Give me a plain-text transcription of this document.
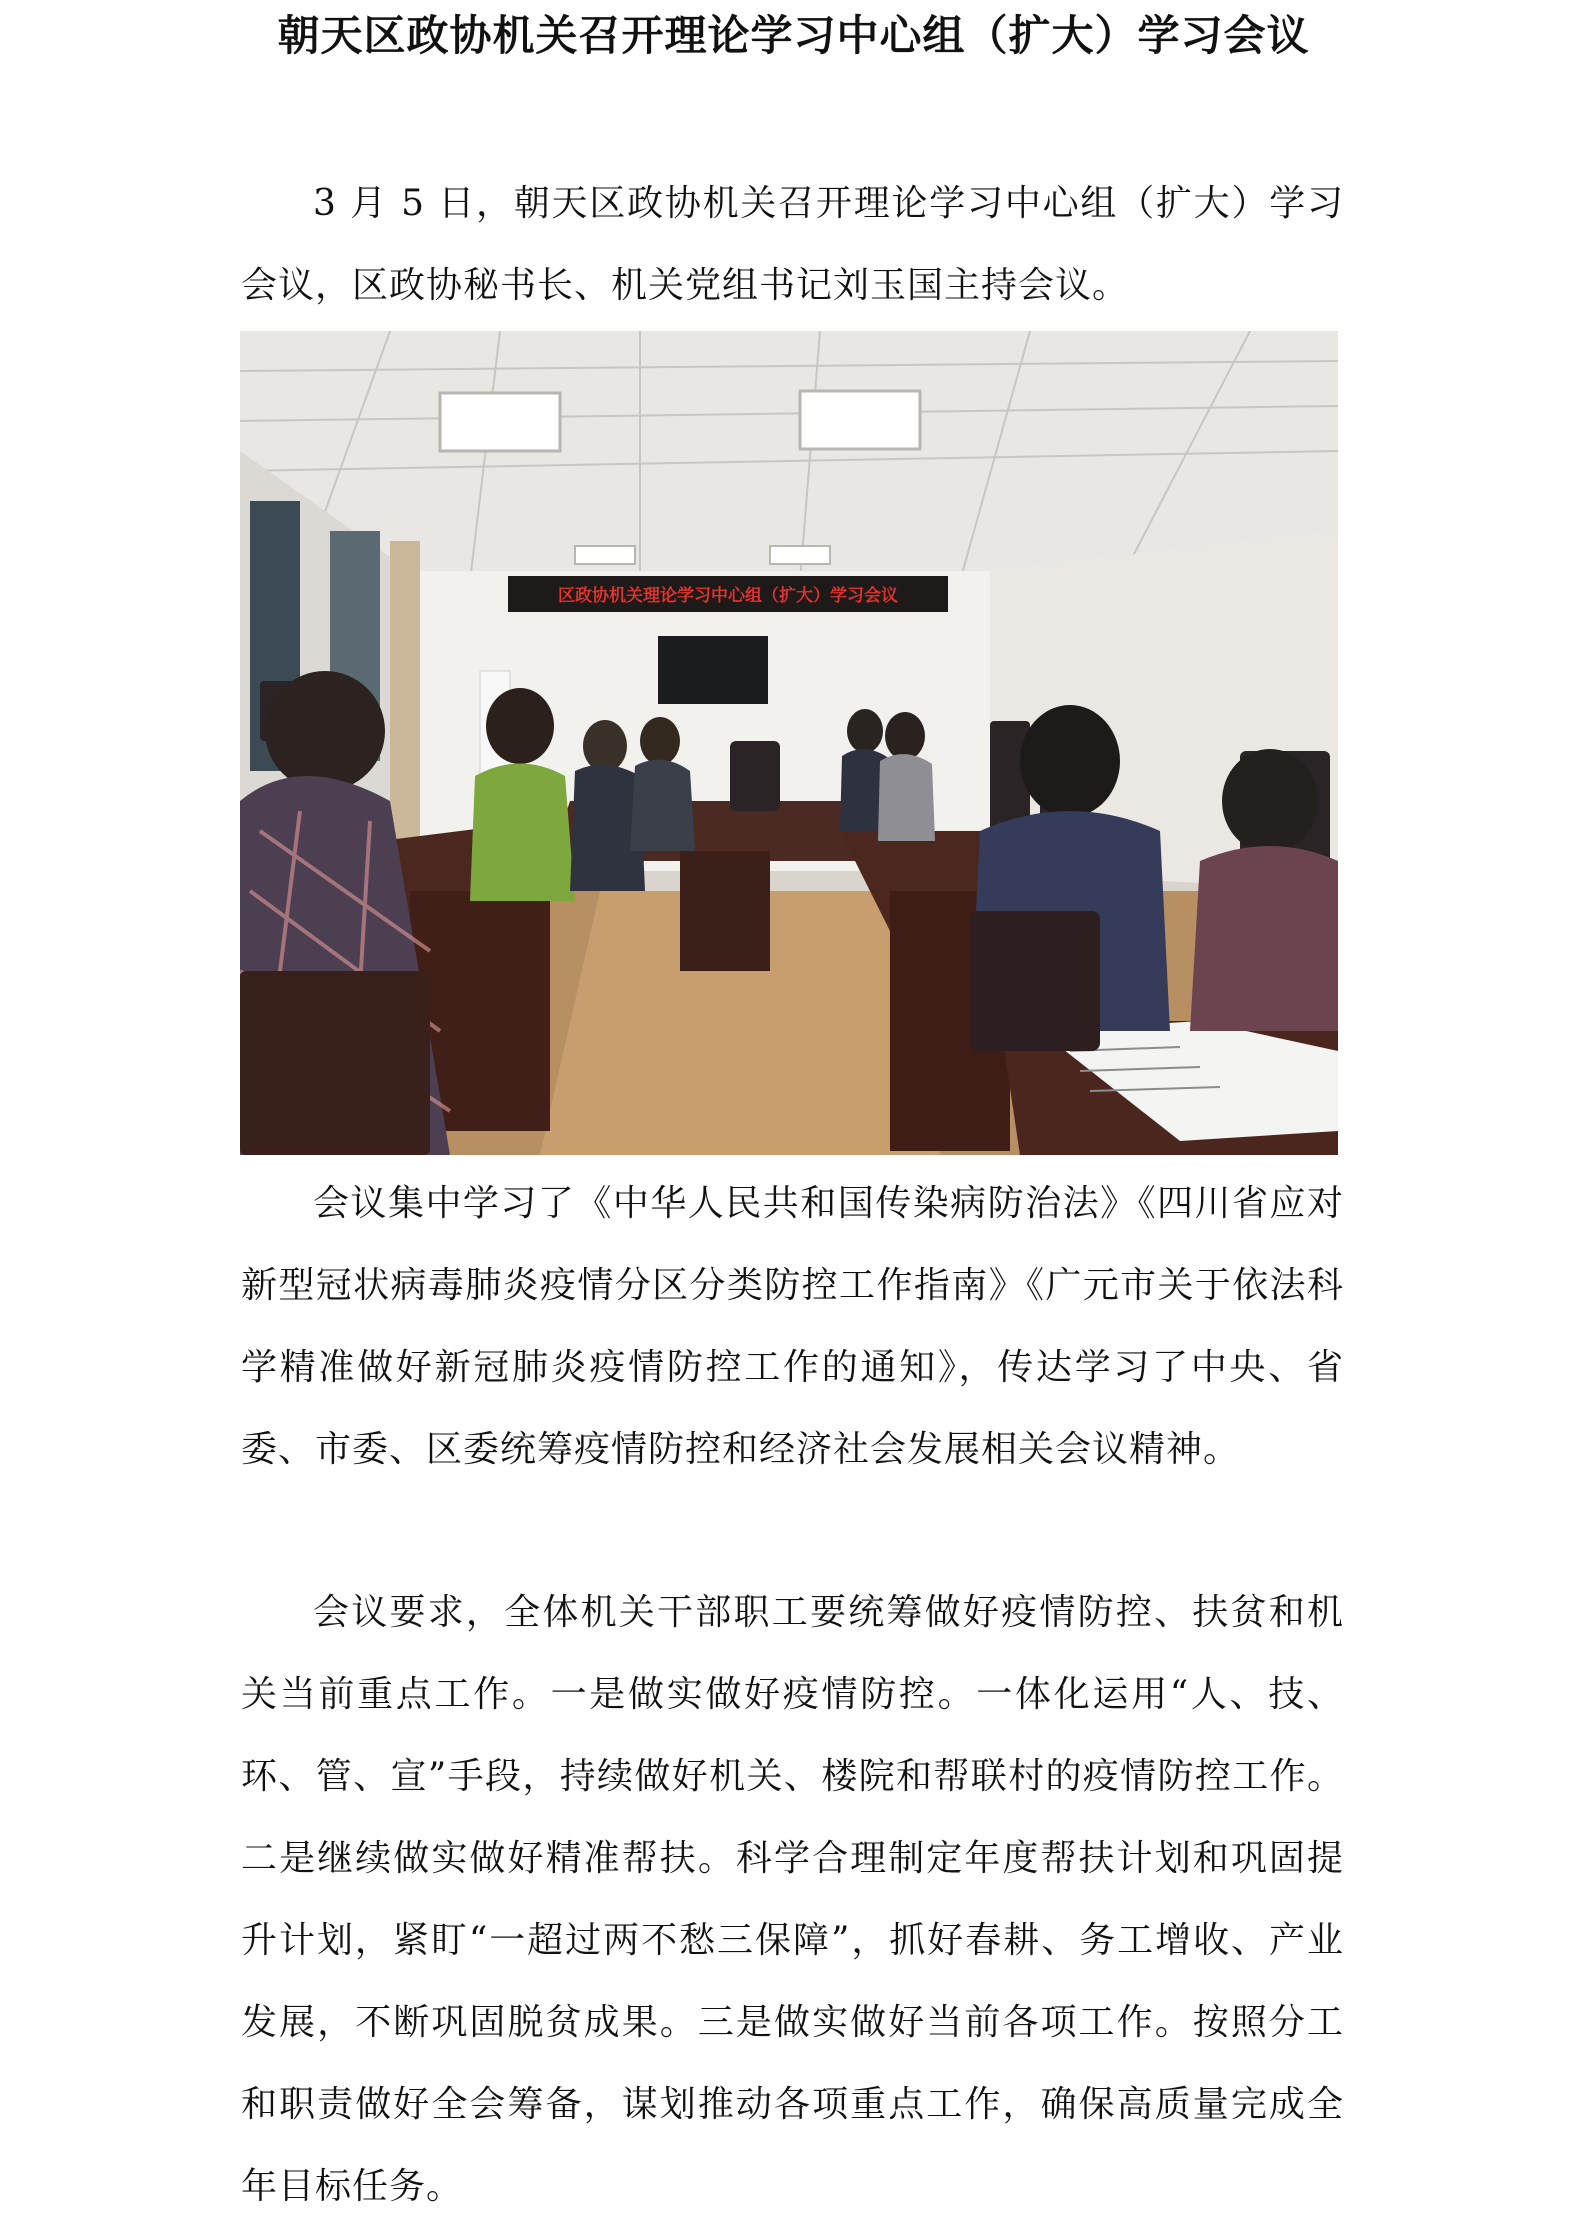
朝天区政协机关召开理论学习中心组（扩大）学习会议

3 月 5 日，朝天区政协机关召开理论学习中心组（扩大）学习会议，区政协秘书长、机关党组书记刘玉国主持会议。

区政协机关理论学习中心组（扩大）学习会议

会议集中学习了《中华人民共和国传染病防治法》《四川省应对新型冠状病毒肺炎疫情分区分类防控工作指南》《广元市关于依法科学精准做好新冠肺炎疫情防控工作的通知》，传达学习了中央、省委、市委、区委统筹疫情防控和经济社会发展相关会议精神。

会议要求，全体机关干部职工要统筹做好疫情防控、扶贫和机关当前重点工作。一是做实做好疫情防控。一体化运用“人、技、环、管、宣”手段，持续做好机关、楼院和帮联村的疫情防控工作。二是继续做实做好精准帮扶。科学合理制定年度帮扶计划和巩固提升计划，紧盯“一超过两不愁三保障”，抓好春耕、务工增收、产业发展，不断巩固脱贫成果。三是做实做好当前各项工作。按照分工和职责做好全会筹备，谋划推动各项重点工作，确保高质量完成全年目标任务。
